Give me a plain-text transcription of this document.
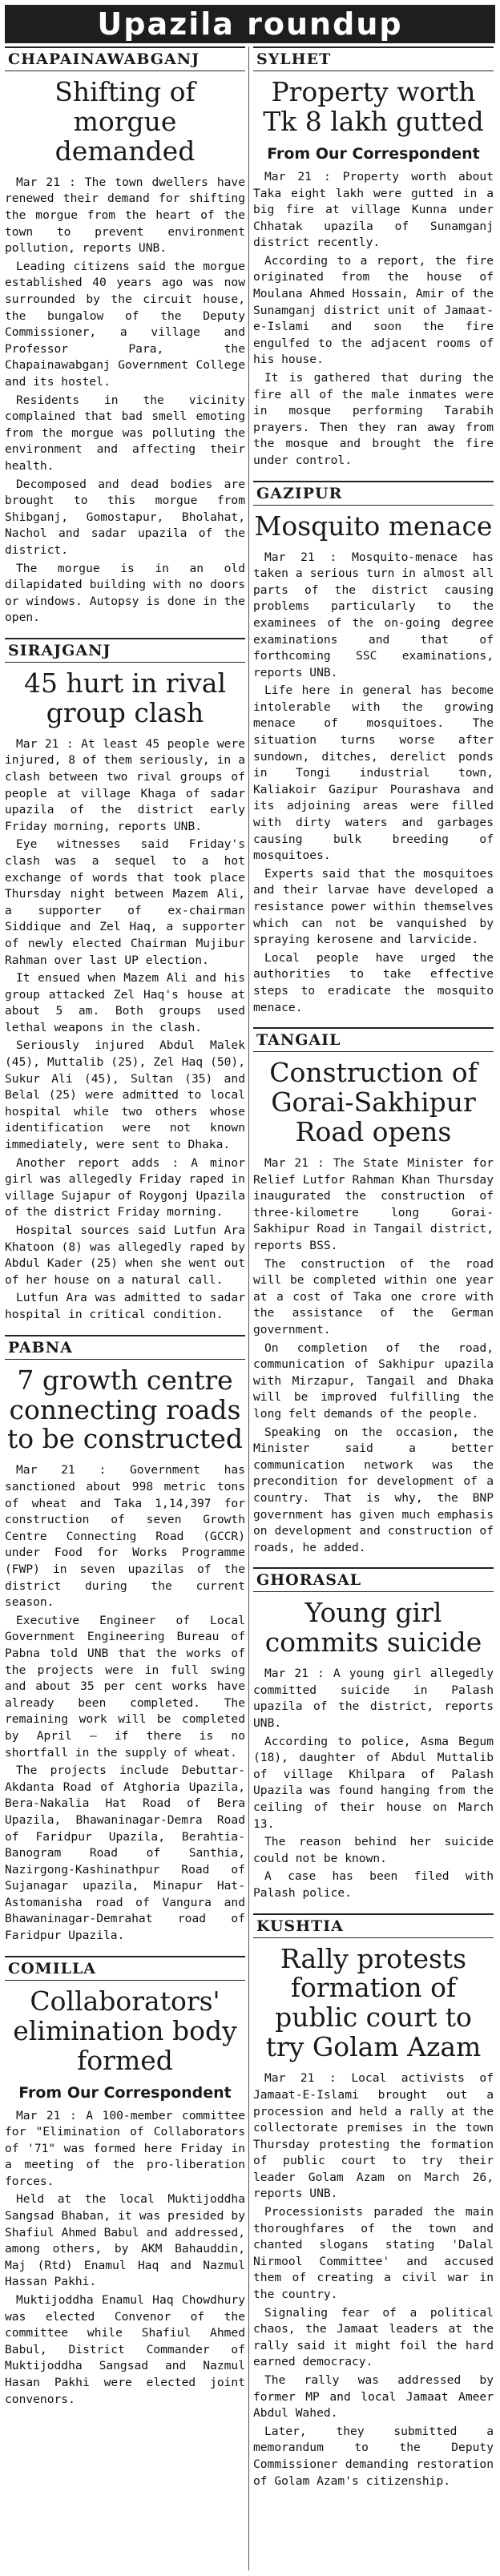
Upazila roundup
CHAPAINAWABGANJ
Shifting of morgue demanded

Mar 21 : The town dwellers have renewed their demand for shifting the morgue from the heart of the town to prevent environment pollution, reports UNB.

Leading citizens said the morgue established 40 years ago was now surrounded by the circuit house, the bungalow of the Deputy Commissioner, a village and Professor Para, the Chapainawabganj Government College and its hostel.

Residents in the vicinity complained that bad smell emoting from the morgue was polluting the environment and affecting their health.

Decomposed and dead bodies are brought to this morgue from Shibganj, Gomostapur, Bholahat, Nachol and sadar upazila of the district.

The morgue is in an old dilapidated building with no doors or windows. Autopsy is done in the open.

SIRAJGANJ
45 hurt in rival group clash

Mar 21 : At least 45 people were injured, 8 of them seriously, in a clash between two rival groups of people at village Khaga of sadar upazila of the district early Friday morning, reports UNB.

Eye witnesses said Friday's clash was a sequel to a hot exchange of words that took place Thursday night between Mazem Ali, a supporter of ex-chairman Siddique and Zel Haq, a supporter of newly elected Chairman Mujibur Rahman over last UP election.

It ensued when Mazem Ali and his group attacked Zel Haq's house at about 5 am. Both groups used lethal weapons in the clash.

Seriously injured Abdul Malek (45), Muttalib (25), Zel Haq (50), Sukur Ali (45), Sultan (35) and Belal (25) were admitted to local hospital while two others whose identification were not known immediately, were sent to Dhaka.

Another report adds : A minor girl was allegedly Friday raped in village Sujapur of Roygonj Upazila of the district Friday morning.

Hospital sources said Lutfun Ara Khatoon (8) was allegedly raped by Abdul Kader (25) when she went out of her house on a natural call.

Lutfun Ara was admitted to sadar hospital in critical condition.

PABNA
7 growth centre connecting roads to be constructed

Mar 21 : Government has sanctioned about 998 metric tons of wheat and Taka 1,14,397 for construction of seven Growth Centre Connecting Road (GCCR) under Food for Works Programme (FWP) in seven upazilas of the district during the current season.

Executive Engineer of Local Government Engineering Bureau of Pabna told UNB that the works of the projects were in full swing and about 35 per cent works have already been completed. The remaining work will be completed by April — if there is no shortfall in the supply of wheat.

The projects include Debuttar-Akdanta Road of Atghoria Upazila, Bera-Nakalia Hat Road of Bera Upazila, Bhawaninagar-Demra Road of Faridpur Upazila, Berahtia-Banogram Road of Santhia, Nazirgong-Kashinathpur Road of Sujanagar upazila, Minapur Hat-Astomanisha road of Vangura and Bhawaninagar-Demrahat road of Faridpur Upazila.

COMILLA
Collaborators' elimination body formed
From Our Correspondent

Mar 21 : A 100-member committee for "Elimination of Collaborators of '71" was formed here Friday in a meeting of the pro-liberation forces.

Held at the local Muktijoddha Sangsad Bhaban, it was presided by Shafiul Ahmed Babul and addressed, among others, by AKM Bahauddin, Maj (Rtd) Enamul Haq and Nazmul Hassan Pakhi.

Muktijoddha Enamul Haq Chowdhury was elected Convenor of the committee while Shafiul Ahmed Babul, District Commander of Muktijoddha Sangsad and Nazmul Hasan Pakhi were elected joint convenors.

SYLHET
Property worth Tk 8 lakh gutted
From Our Correspondent

Mar 21 : Property worth about Taka eight lakh were gutted in a big fire at village Kunna under Chhatak upazila of Sunamganj district recently.

According to a report, the fire originated from the house of Moulana Ahmed Hossain, Amir of the Sunamganj district unit of Jamaat-e-Islami and soon the fire engulfed to the adjacent rooms of his house.

It is gathered that during the fire all of the male inmates were in mosque performing Tarabih prayers. Then they ran away from the mosque and brought the fire under control.

GAZIPUR
Mosquito menace

Mar 21 : Mosquito-menace has taken a serious turn in almost all parts of the district causing problems particularly to the examinees of the on-going degree examinations and that of forthcoming SSC examinations, reports UNB.

Life here in general has become intolerable with the growing menace of mosquitoes. The situation turns worse after sundown, ditches, derelict ponds in Tongi industrial town, Kaliakoir Gazipur Pourashava and its adjoining areas were filled with dirty waters and garbages causing bulk breeding of mosquitoes.

Experts said that the mosquitoes and their larvae have developed a resistance power within themselves which can not be vanquished by spraying kerosene and larvicide.

Local people have urged the authorities to take effective steps to eradicate the mosquito menace.

TANGAIL
Construction of Gorai-Sakhipur Road opens

Mar 21 : The State Minister for Relief Lutfor Rahman Khan Thursday inaugurated the construction of three-kilometre long Gorai-Sakhipur Road in Tangail district, reports BSS.

The construction of the road will be completed within one year at a cost of Taka one crore with the assistance of the German government.

On completion of the road, communication of Sakhipur upazila with Mirzapur, Tangail and Dhaka will be improved fulfilling the long felt demands of the people.

Speaking on the occasion, the Minister said a better communication network was the precondition for development of a country. That is why, the BNP government has given much emphasis on development and construction of roads, he added.

GHORASAL
Young girl commits suicide

Mar 21 : A young girl allegedly committed suicide in Palash upazila of the district, reports UNB.

According to police, Asma Begum (18), daughter of Abdul Muttalib of village Khilpara of Palash Upazila was found hanging from the ceiling of their house on March 13.

The reason behind her suicide could not be known.

A case has been filed with Palash police.

KUSHTIA
Rally protests formation of public court to try Golam Azam

Mar 21 : Local activists of Jamaat-E-Islami brought out a procession and held a rally at the collectorate premises in the town Thursday protesting the formation of public court to try their leader Golam Azam on March 26, reports UNB.

Processionists paraded the main thoroughfares of the town and chanted slogans stating 'Dalal Nirmool Committee' and accused them of creating a civil war in the country.

Signaling fear of a political chaos, the Jamaat leaders at the rally said it might foil the hard earned democracy.

The rally was addressed by former MP and local Jamaat Ameer Abdul Wahed.

Later, they submitted a memorandum to the Deputy Commissioner demanding restoration of Golam Azam's citizenship.
